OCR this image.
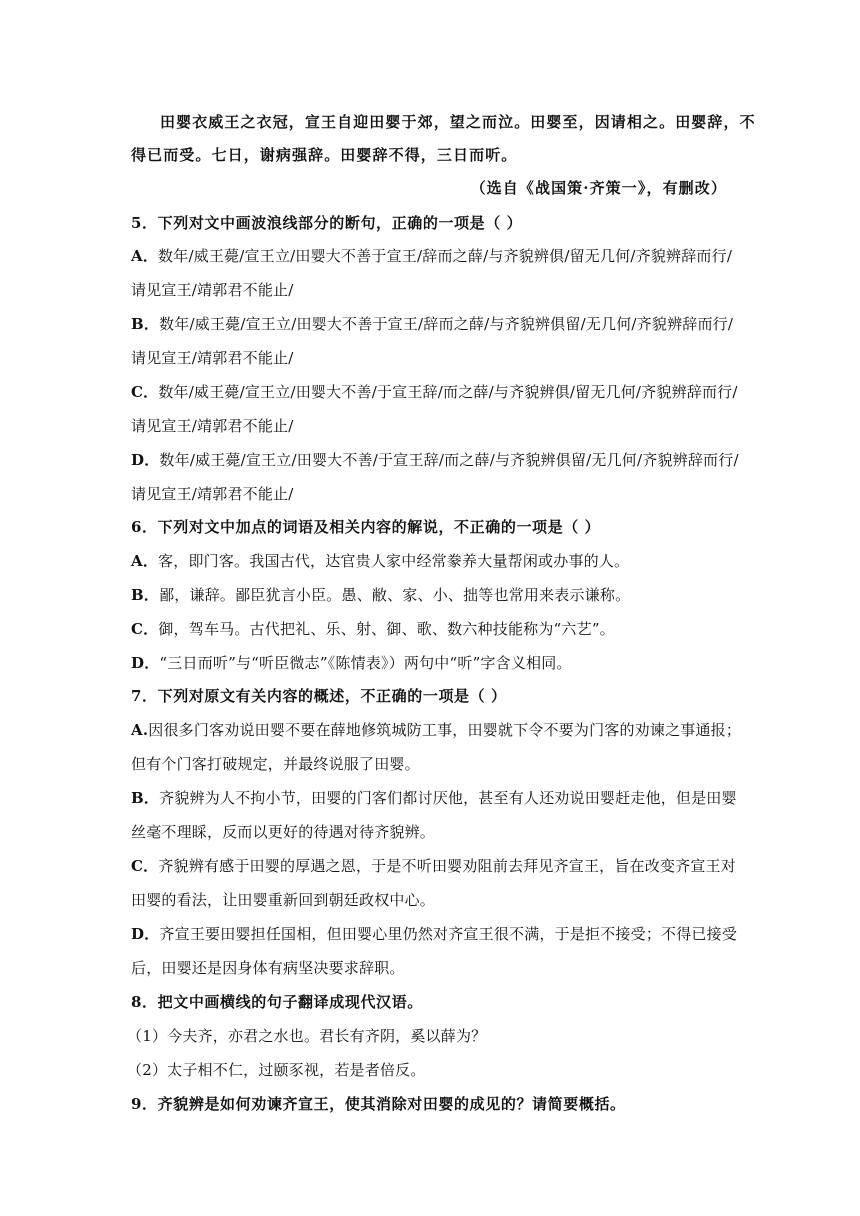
田婴衣威王之衣冠，宣王自迎田婴于郊，望之而泣。田婴至，因请相之。田婴辞，不
得已而受。七日，谢病强辞。田婴辞不得，三日而听。
（选自《战国策·齐策一》，有删改）
5．下列对文中画波浪线部分的断句，正确的一项是（ ）
A．数年/威王薨/宣王立/田婴大不善于宣王/辞而之薛/与齐貌辨俱/留无几何/齐貌辨辞而行/
请见宣王/靖郭君不能止/
B．数年/威王薨/宣王立/田婴大不善于宣王/辞而之薛/与齐貌辨俱留/无几何/齐貌辨辞而行/
请见宣王/靖郭君不能止/
C．数年/威王薨/宣王立/田婴大不善/于宣王辞/而之薛/与齐貌辨俱/留无几何/齐貌辨辞而行/
请见宣王/靖郭君不能止/
D．数年/威王薨/宣王立/田婴大不善/于宣王辞/而之薛/与齐貌辨俱留/无几何/齐貌辨辞而行/
请见宣王/靖郭君不能止/
6．下列对文中加点的词语及相关内容的解说，不正确的一项是（ ）
A．客，即门客。我国古代，达官贵人家中经常豢养大量帮闲或办事的人。
B．鄙，谦辞。鄙臣犹言小臣。愚、敝、家、小、拙等也常用来表示谦称。
C．御，驾车马。古代把礼、乐、射、御、歌、数六种技能称为“六艺”。
D．“三日而听”与“听臣微志”《陈情表》）两句中“听”字含义相同。
7．下列对原文有关内容的概述，不正确的一项是（ ）
A.因很多门客劝说田婴不要在薛地修筑城防工事，田婴就下令不要为门客的劝谏之事通报；
但有个门客打破规定，并最终说服了田婴。
B．齐貌辨为人不拘小节，田婴的门客们都讨厌他，甚至有人还劝说田婴赶走他，但是田婴
丝毫不理睬，反而以更好的待遇对待齐貌辨。
C．齐貌辨有感于田婴的厚遇之恩，于是不听田婴劝阻前去拜见齐宣王，旨在改变齐宣王对
田婴的看法，让田婴重新回到朝廷政权中心。
D．齐宣王要田婴担任国相，但田婴心里仍然对齐宣王很不满，于是拒不接受；不得已接受
后，田婴还是因身体有病坚决要求辞职。
8．把文中画横线的句子翻译成现代汉语。
（1）今夫齐，亦君之水也。君长有齐阴，奚以薛为？
（2）太子相不仁，过颐豕视，若是者倍反。
9．齐貌辨是如何劝谏齐宣王，使其消除对田婴的成见的？请简要概括。
